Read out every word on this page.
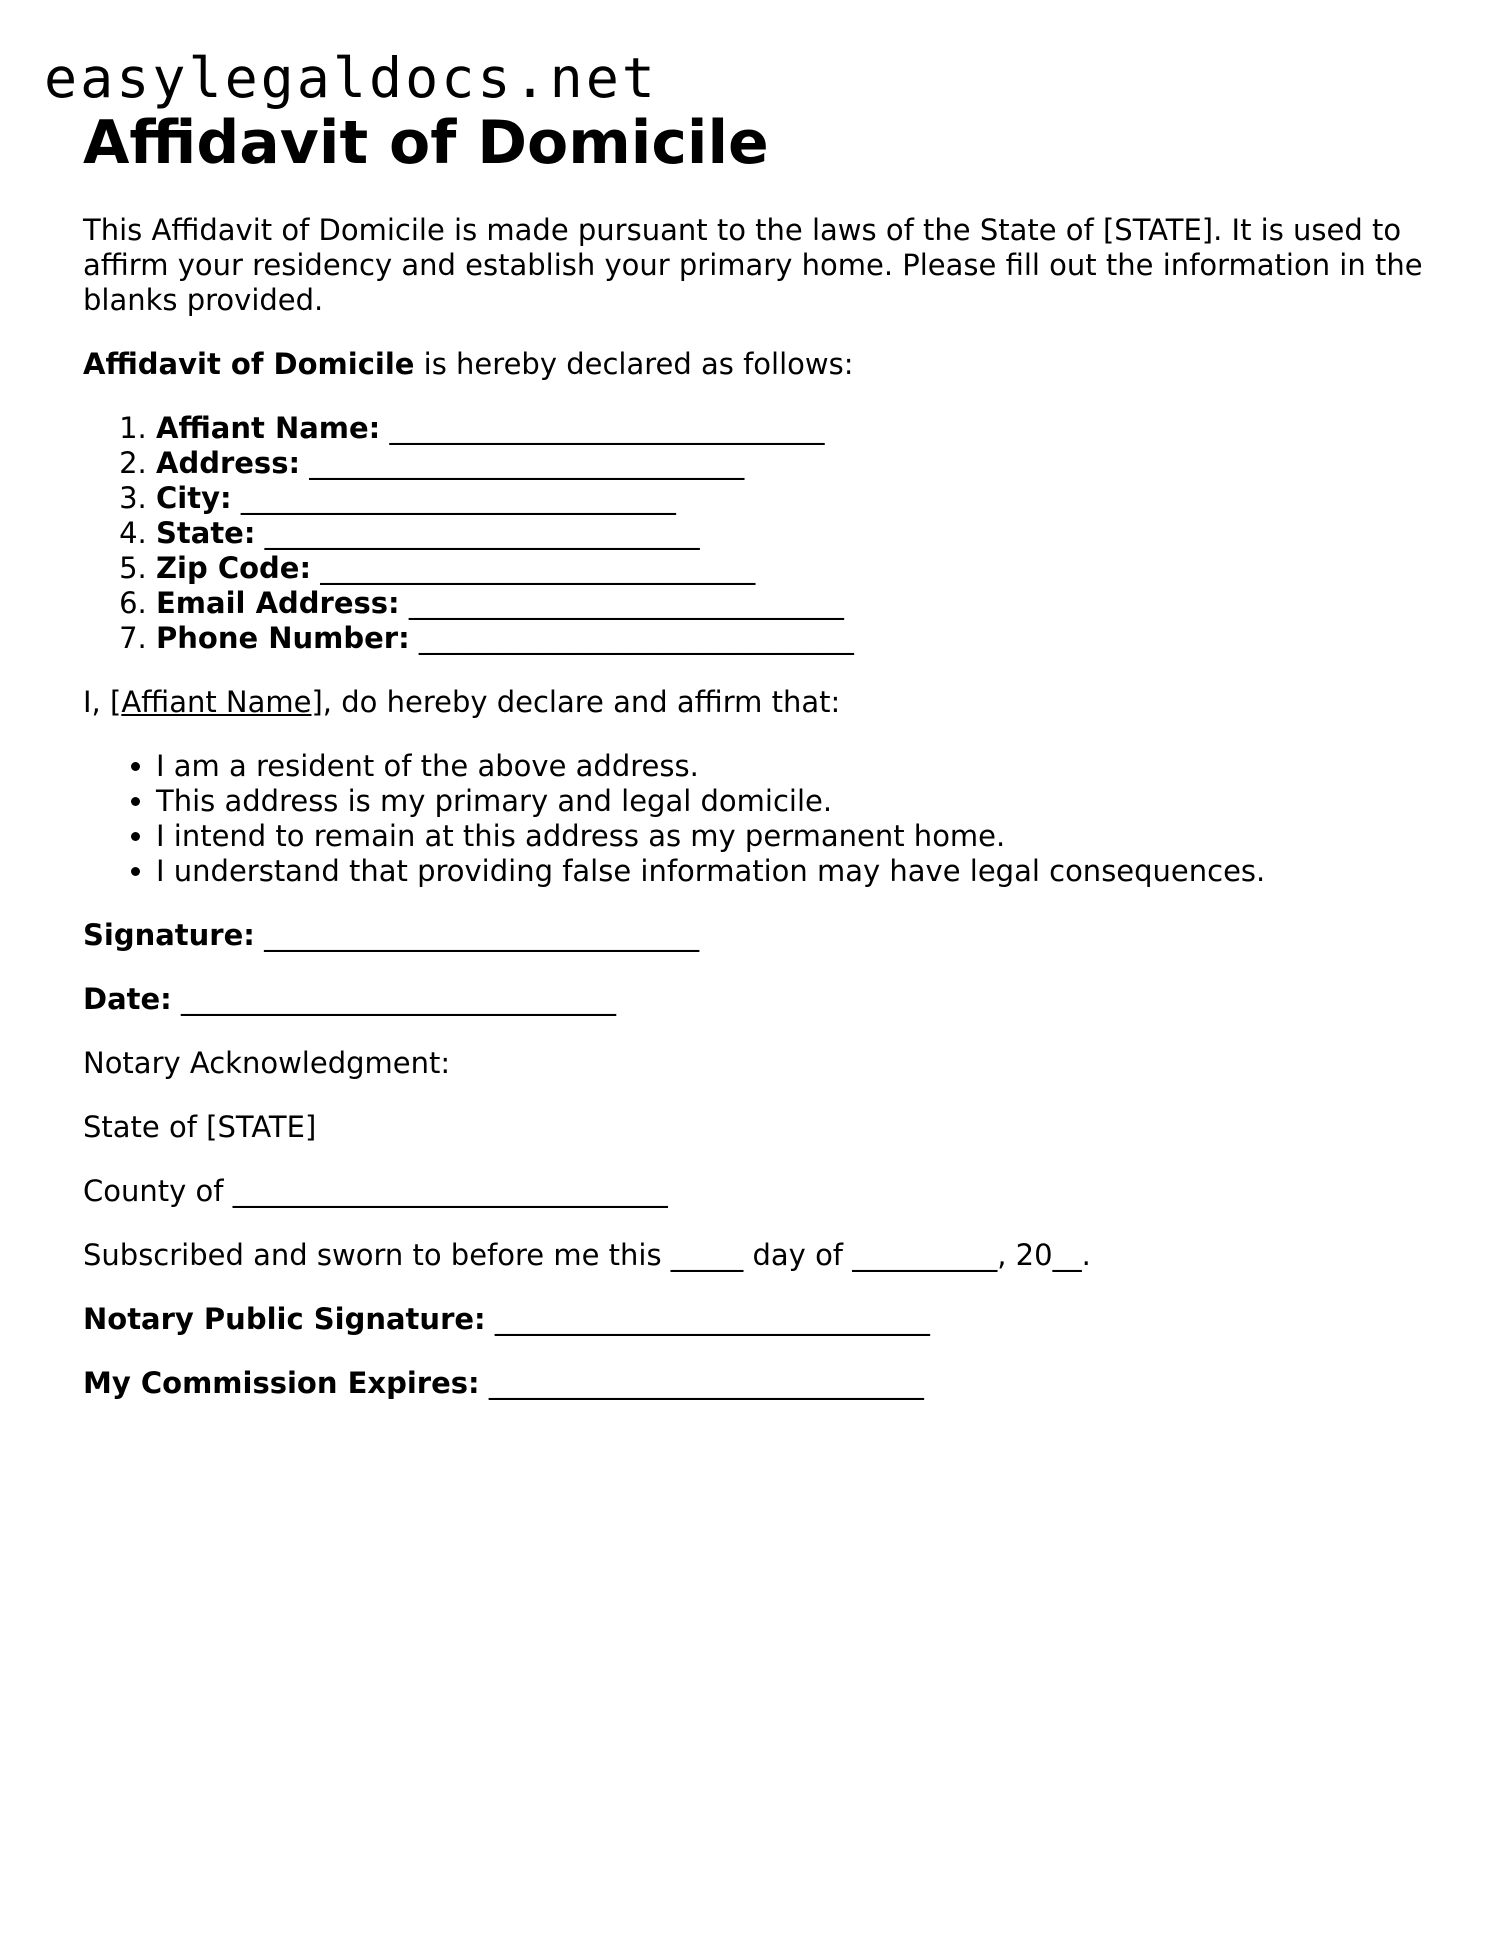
easylegaldocs.net
Affidavit of Domicile

This Affidavit of Domicile is made pursuant to the laws of the State of [STATE]. It is used to affirm your residency and establish your primary home. Please fill out the information in the blanks provided.

Affidavit of Domicile is hereby declared as follows:

1. Affiant Name: ______________________________
2. Address: ______________________________
3. City: ______________________________
4. State: ______________________________
5. Zip Code: ______________________________
6. Email Address: ______________________________
7. Phone Number: ______________________________

I, [Affiant Name], do hereby declare and affirm that:

• I am a resident of the above address.
• This address is my primary and legal domicile.
• I intend to remain at this address as my permanent home.
• I understand that providing false information may have legal consequences.

Signature: ______________________________

Date: ______________________________

Notary Acknowledgment:

State of [STATE]

County of ______________________________

Subscribed and sworn to before me this _____ day of __________, 20__.

Notary Public Signature: ______________________________

My Commission Expires: ______________________________
